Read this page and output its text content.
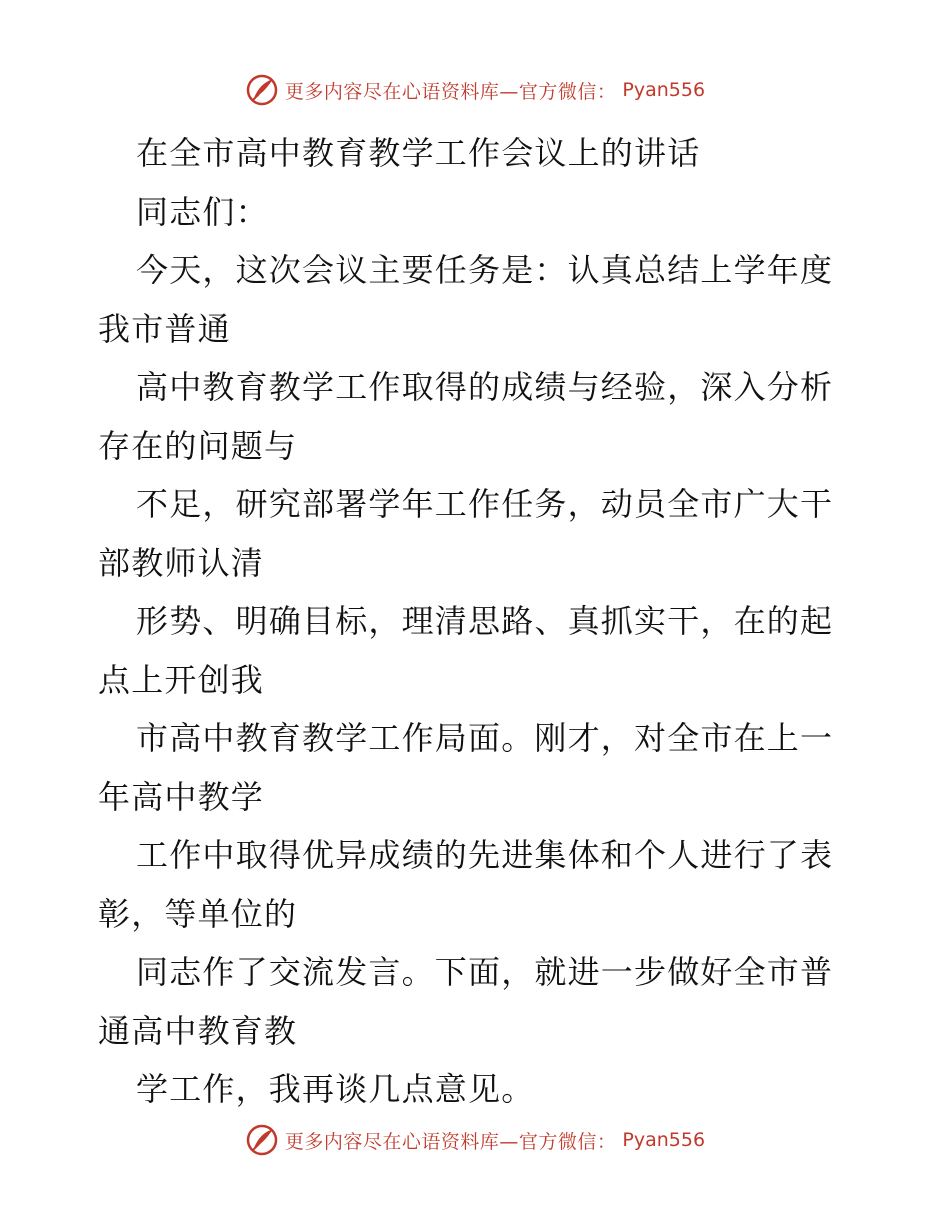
更多内容尽在心语资料库—官方微信： Pyan556
在全市高中教育教学工作会议上的讲话
同志们：
今天，这次会议主要任务是：认真总结上学年度
我市普通
高中教育教学工作取得的成绩与经验，深入分析
存在的问题与
不足，研究部署学年工作任务，动员全市广大干
部教师认清
形势、明确目标，理清思路、真抓实干，在的起
点上开创我
市高中教育教学工作局面。刚才，对全市在上一
年高中教学
工作中取得优异成绩的先进集体和个人进行了表
彰，等单位的
同志作了交流发言。下面，就进一步做好全市普
通高中教育教
学工作，我再谈几点意见。
更多内容尽在心语资料库—官方微信： Pyan556
